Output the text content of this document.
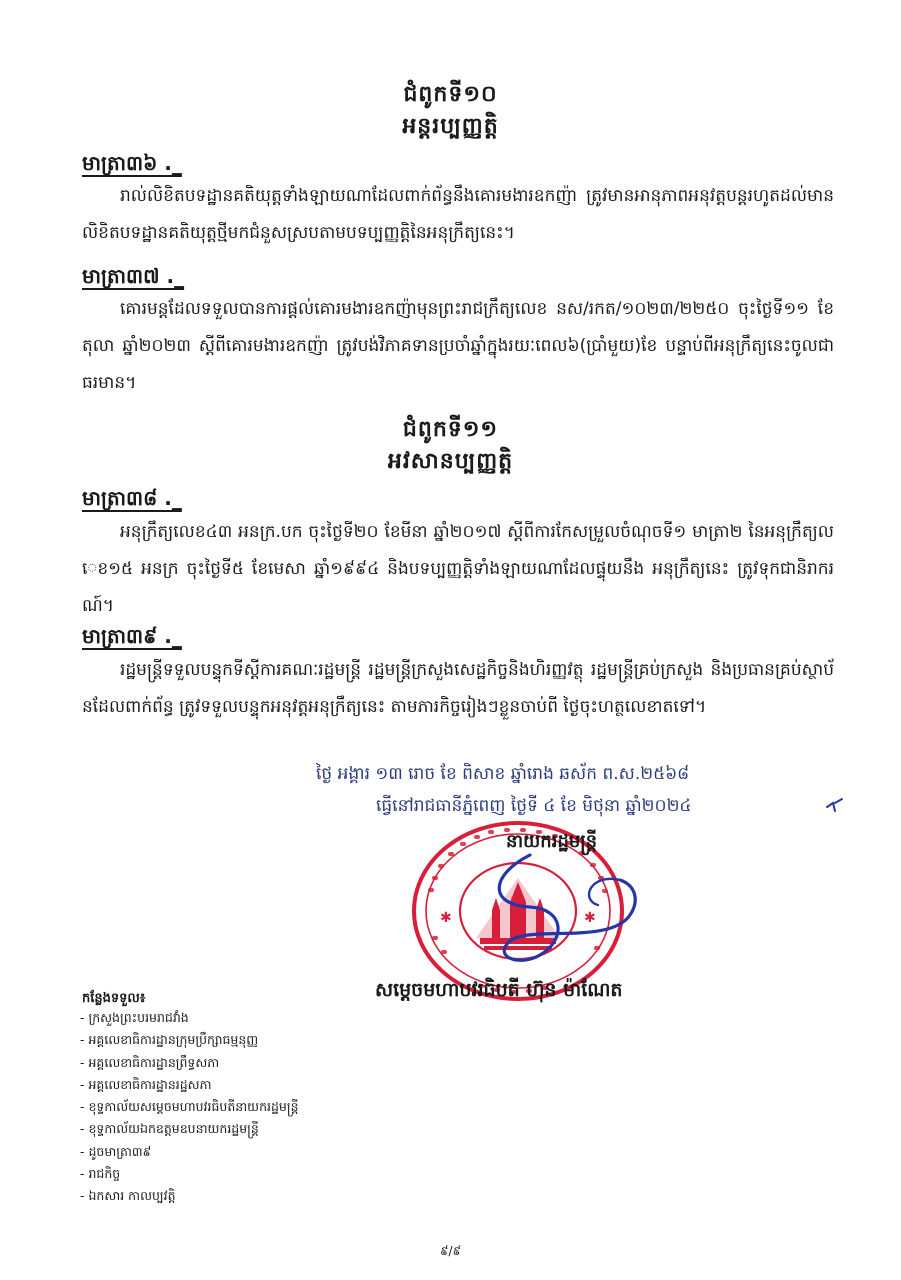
ជំពូកទី១០
អន្តរប្បញ្ញត្តិ
មាត្រា៣៦ ._

រាល់លិខិតបទដ្ឋានគតិយុត្តទាំងឡាយណាដែលពាក់ព័ន្ធនឹងគោរមងារឧកញ៉ា ត្រូវមានអានុភាពអនុវត្តបន្តរហូតដល់មានលិខិតបទដ្ឋានគតិយុត្តថ្មីមកជំនួសស្របតាមបទប្បញ្ញត្តិនៃអនុក្រឹត្យនេះ។

មាត្រា៣៧ ._

គោរមន្តដែលទទួលបានការផ្តល់គោរមងារឧកញ៉ាមុនព្រះរាជក្រឹត្យលេខ នស/រកត/១០២៣/២២៥០ ចុះថ្ងៃទី១១ ខែតុលា ឆ្នាំ២០២៣ ស្តីពីគោរមងារឧកញ៉ា ត្រូវបង់វិភាគទានប្រចាំឆ្នាំក្នុងរយៈពេល៦(ប្រាំមួយ)ខែ បន្ទាប់ពីអនុក្រឹត្យនេះចូលជាធរមាន។

ជំពូកទី១១
អវសានប្បញ្ញត្តិ
មាត្រា៣៨ ._

អនុក្រឹត្យលេខ៤៣ អនក្រ.បក ចុះថ្ងៃទី២០ ខែមីនា ឆ្នាំ២០១៧ ស្តីពីការកែសម្រួលចំណុចទី១ មាត្រា២ នៃអនុក្រឹត្យលេខ១៥ អនក្រ ចុះថ្ងៃទី៥ ខែមេសា ឆ្នាំ១៩៩៤ និងបទប្បញ្ញត្តិទាំងឡាយណាដែលផ្ទុយនឹង អនុក្រឹត្យនេះ ត្រូវទុកជានិរាករណ៍។

មាត្រា៣៩ ._

រដ្ឋមន្ត្រីទទួលបន្ទុកទីស្តីការគណៈរដ្ឋមន្ត្រី រដ្ឋមន្ត្រីក្រសួងសេដ្ឋកិច្ចនិងហិរញ្ញវត្ថុ រដ្ឋមន្ត្រីគ្រប់ក្រសួង និងប្រធានគ្រប់ស្ថាប័នដែលពាក់ព័ន្ធ ត្រូវទទួលបន្ទុកអនុវត្តអនុក្រឹត្យនេះ តាមភារកិច្ចរៀងៗខ្លួនចាប់ពី ថ្ងៃចុះហត្ថលេខាតទៅ។

ថ្ងៃ អង្គារ ១៣ រោច ខែ ពិសាខ ឆ្នាំរោង ឆស័ក ព.ស.២៥៦៨
ធ្វើនៅរាជធានីភ្នំពេញ ថ្ងៃទី ៤ ខែ មិថុនា ឆ្នាំ២០២៤
✱	✱
នាយករដ្ឋមន្ត្រី
សម្តេចមហាបវរធិបតី ហ៊ុន ម៉ាណែត
កន្លែងទទួល៖
- ក្រសួងព្រះបរមរាជវាំង
- អគ្គលេខាធិការដ្ឋានក្រុមប្រឹក្សាធម្មនុញ្ញ
- អគ្គលេខាធិការដ្ឋានព្រឹទ្ធសភា
- អគ្គលេខាធិការដ្ឋានរដ្ឋសភា
- ខុទ្ទកាល័យសម្តេចមហាបវរធិបតីនាយករដ្ឋមន្ត្រី
- ខុទ្ទកាល័យឯកឧត្តមឧបនាយករដ្ឋមន្ត្រី
- ដូចមាត្រា៣៩
- រាជកិច្ច
- ឯកសារ កាលប្បវត្តិ
៩/៩
